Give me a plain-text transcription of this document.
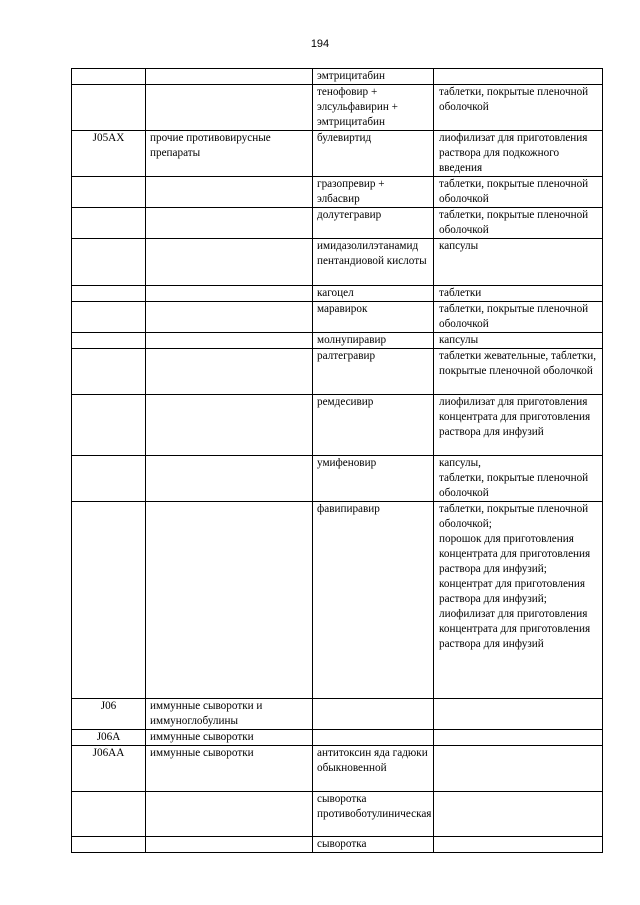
194
		эмтрицитабин	
		тенофовир + элсульфавирин + эмтрицитабин	таблетки, покрытые пленочной оболочкой
J05AX	прочие противовирусные препараты	булевиртид	лиофилизат для приготовления раствора для подкожного введения
		гразопревир + элбасвир	таблетки, покрытые пленочной оболочкой
		долутегравир	таблетки, покрытые пленочной оболочкой
		имидазолилэтанамид пентандиовой кислоты	капсулы
		кагоцел	таблетки
		маравирок	таблетки, покрытые пленочной оболочкой
		молнупиравир	капсулы
		ралтегравир	таблетки жевательные, таблетки, покрытые пленочной оболочкой
		ремдесивир	лиофилизат для приготовления концентрата для приготовления раствора для инфузий
		умифеновир	капсулы,
таблетки, покрытые пленочной оболочкой

		фавипиравир	таблетки, покрытые пленочной оболочкой;
порошок для приготовления концентрата для приготовления раствора для инфузий;
концентрат для приготовления раствора для инфузий;
лиофилизат для приготовления концентрата для приготовления раствора для инфузий

J06	иммунные сыворотки и иммуноглобулины		
J06A	иммунные сыворотки		
J06AA	иммунные сыворотки	антитоксин яда гадюки обыкновенной	
		сыворотка противоботулиническая	
		сыворотка	
